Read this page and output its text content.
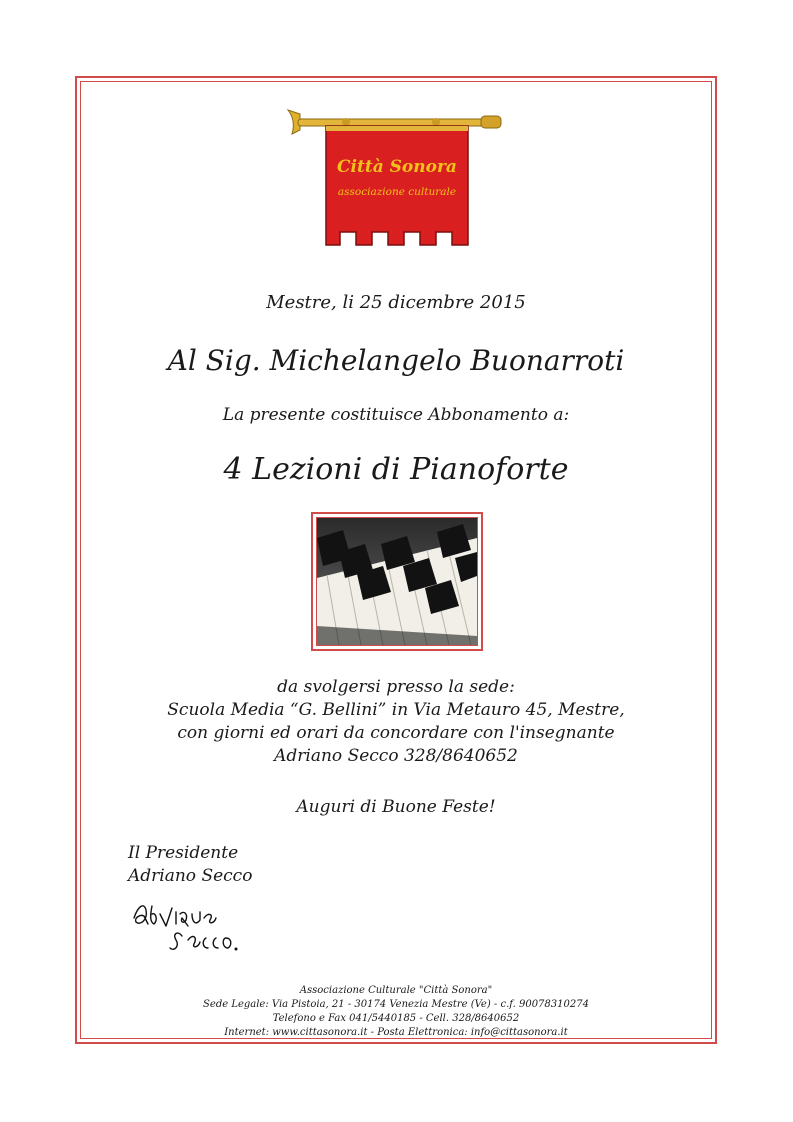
Città Sonora
associazione culturale
Mestre, li 25 dicembre 2015
Al Sig. Michelangelo Buonarroti
La presente costituisce Abbonamento a:
4 Lezioni di Pianoforte
da svolgersi presso la sede:
Scuola Media “G. Bellini” in Via Metauro 45, Mestre,
con giorni ed orari da concordare con l'insegnante
Adriano Secco 328/8640652
Auguri di Buone Feste!
Il Presidente
Adriano Secco
Associazione Culturale "Città Sonora"
Sede Legale: Via Pistoia, 21 - 30174 Venezia Mestre (Ve) - c.f. 90078310274
Telefono e Fax 041/5440185 - Cell. 328/8640652
Internet: www.cittasonora.it - Posta Elettronica: info@cittasonora.it
